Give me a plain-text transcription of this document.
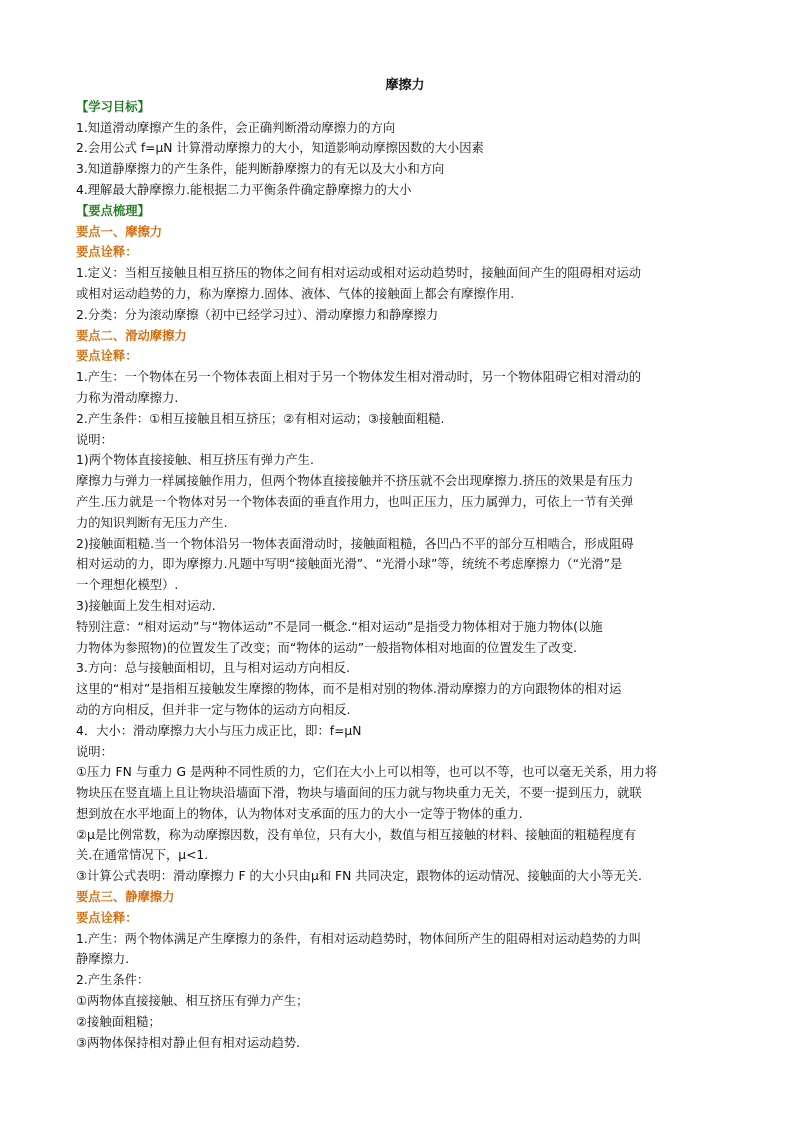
摩擦力
【学习目标】
1.知道滑动摩擦产生的条件，会正确判断滑动摩擦力的方向
2.会用公式 f=μN 计算滑动摩擦力的大小，知道影响动摩擦因数的大小因素
3.知道静摩擦力的产生条件，能判断静摩擦力的有无以及大小和方向
4.理解最大静摩擦力.能根据二力平衡条件确定静摩擦力的大小
【要点梳理】
要点一、摩擦力
要点诠释：
1.定义：当相互接触且相互挤压的物体之间有相对运动或相对运动趋势时，接触面间产生的阻碍相对运动
或相对运动趋势的力，称为摩擦力.固体、液体、气体的接触面上都会有摩擦作用.
2.分类：分为滚动摩擦（初中已经学习过）、滑动摩擦力和静摩擦力
要点二、滑动摩擦力
要点诠释：
1.产生：一个物体在另一个物体表面上相对于另一个物体发生相对滑动时，另一个物体阻碍它相对滑动的
力称为滑动摩擦力.
2.产生条件：①相互接触且相互挤压；②有相对运动；③接触面粗糙.
说明：
1)两个物体直接接触、相互挤压有弹力产生.
摩擦力与弹力一样属接触作用力，但两个物体直接接触并不挤压就不会出现摩擦力.挤压的效果是有压力
产生.压力就是一个物体对另一个物体表面的垂直作用力，也叫正压力，压力属弹力，可依上一节有关弹
力的知识判断有无压力产生.
2)接触面粗糙.当一个物体沿另一物体表面滑动时，接触面粗糙，各凹凸不平的部分互相啮合，形成阻碍
相对运动的力，即为摩擦力.凡题中写明“接触面光滑”、“光滑小球”等，统统不考虑摩擦力（“光滑”是
一个理想化模型）.
3)接触面上发生相对运动.
特别注意：“相对运动”与“物体运动”不是同一概念.“相对运动”是指受力物体相对于施力物体(以施
力物体为参照物)的位置发生了改变；而“物体的运动”一般指物体相对地面的位置发生了改变.
3.方向：总与接触面相切，且与相对运动方向相反.
这里的“相对”是指相互接触发生摩擦的物体，而不是相对别的物体.滑动摩擦力的方向跟物体的相对运
动的方向相反，但并非一定与物体的运动方向相反.
4．大小：滑动摩擦力大小与压力成正比，即：f=μN
说明：
①压力 FN 与重力 G 是两种不同性质的力，它们在大小上可以相等，也可以不等，也可以毫无关系，用力将
物块压在竖直墙上且让物块沿墙面下滑，物块与墙面间的压力就与物块重力无关，不要一提到压力，就联
想到放在水平地面上的物体，认为物体对支承面的压力的大小一定等于物体的重力.
②μ是比例常数，称为动摩擦因数，没有单位，只有大小，数值与相互接触的材料、接触面的粗糙程度有
关.在通常情况下，μ<1.
③计算公式表明：滑动摩擦力 F 的大小只由μ和 FN 共同决定，跟物体的运动情况、接触面的大小等无关.
要点三、静摩擦力
要点诠释：
1.产生：两个物体满足产生摩擦力的条件，有相对运动趋势时，物体间所产生的阻碍相对运动趋势的力叫
静摩擦力.
2.产生条件：
①两物体直接接触、相互挤压有弹力产生；
②接触面粗糙；
③两物体保持相对静止但有相对运动趋势.
